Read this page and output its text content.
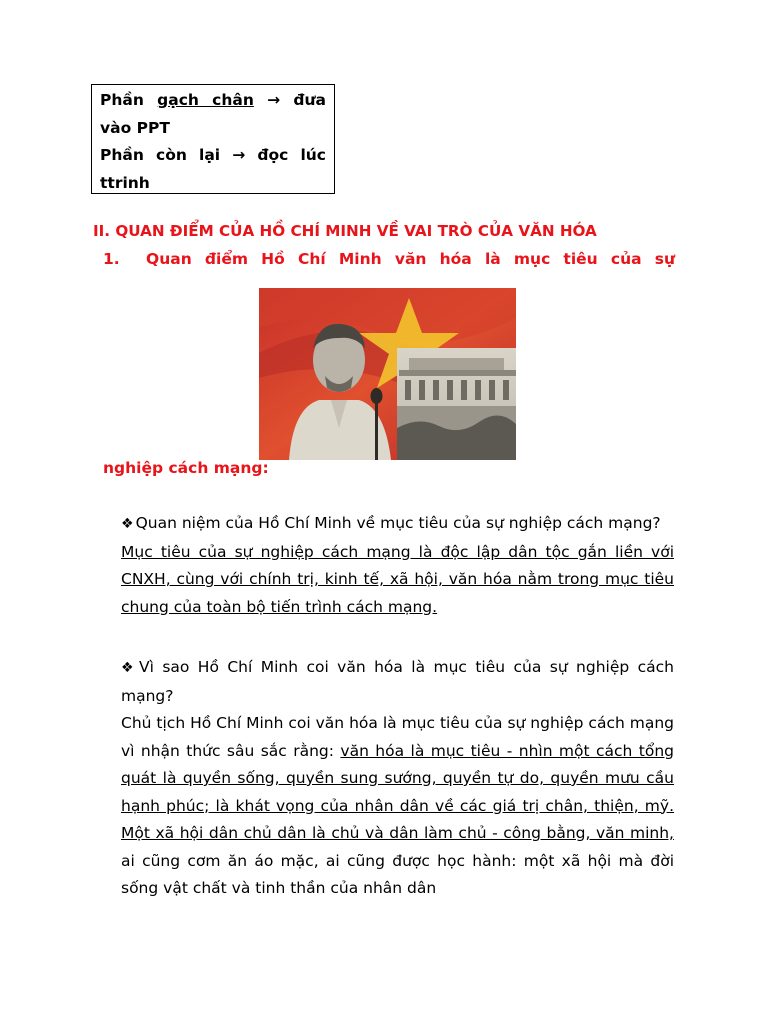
Phần gạch chân → đưa
vào PPT
Phần còn lại → đọc lúc
ttrinh
II. QUAN ĐIỂM CỦA HỒ CHÍ MINH VỀ VAI TRÒ CỦA VĂN HÓA
1. Quan điểm Hồ Chí Minh văn hóa là mục tiêu của sự
nghiệp cách mạng:

❖ Quan niệm của Hồ Chí Minh về mục tiêu của sự nghiệp cách mạng?

Mục tiêu của sự nghiệp cách mạng là độc lập dân tộc gắn liền với CNXH, cùng với chính trị, kinh tế, xã hội, văn hóa nằm trong mục tiêu chung của toàn bộ tiến trình cách mạng.

❖ Vì sao Hồ Chí Minh coi văn hóa là mục tiêu của sự nghiệp cách mạng?

Chủ tịch Hồ Chí Minh coi văn hóa là mục tiêu của sự nghiệp cách mạng vì nhận thức sâu sắc rằng: văn hóa là mục tiêu - nhìn một cách tổng quát là quyền sống, quyền sung sướng, quyền tự do, quyền mưu cầu hạnh phúc; là khát vọng của nhân dân về các giá trị chân, thiện, mỹ. Một xã hội dân chủ dân là chủ và dân làm chủ - công bằng, văn minh, ai cũng cơm ăn áo mặc, ai cũng được học hành: một xã hội mà đời sống vật chất và tinh thần của nhân dân
